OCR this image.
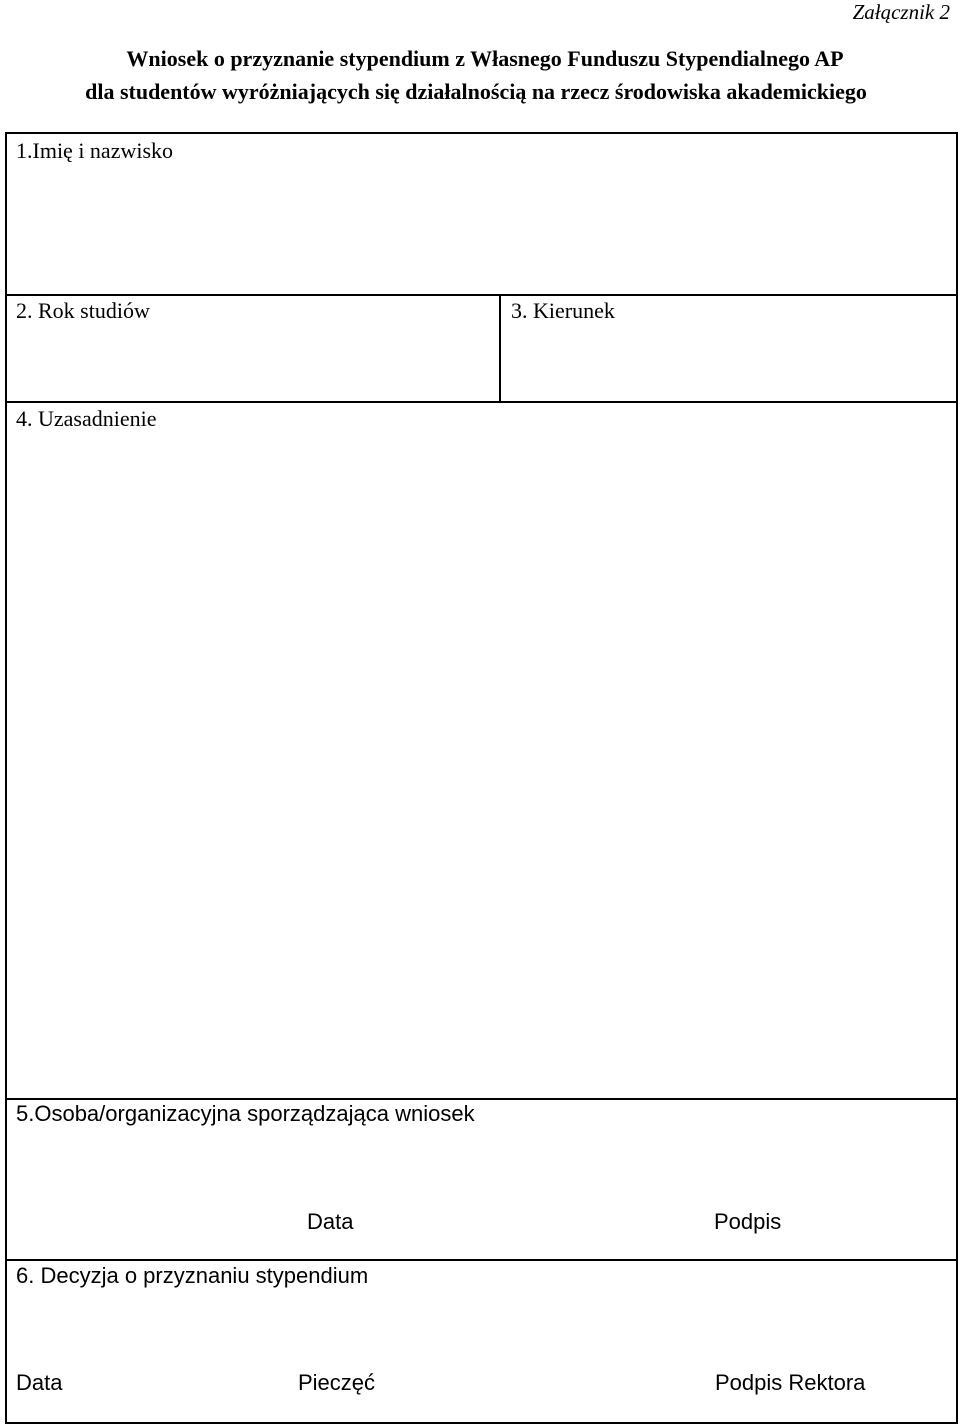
Załącznik 2
Wniosek o przyznanie stypendium z Własnego Funduszu Stypendialnego AP
dla studentów wyróżniających się działalnością na rzecz środowiska akademickiego
1.Imię i nazwisko
2. Rok studiów	3. Kierunek
4. Uzasadnienie
5.Osoba/organizacyjna sporządzająca wniosek
Data	Podpis
6. Decyzja o przyznaniu stypendium
Data	Pieczęć	Podpis Rektora
